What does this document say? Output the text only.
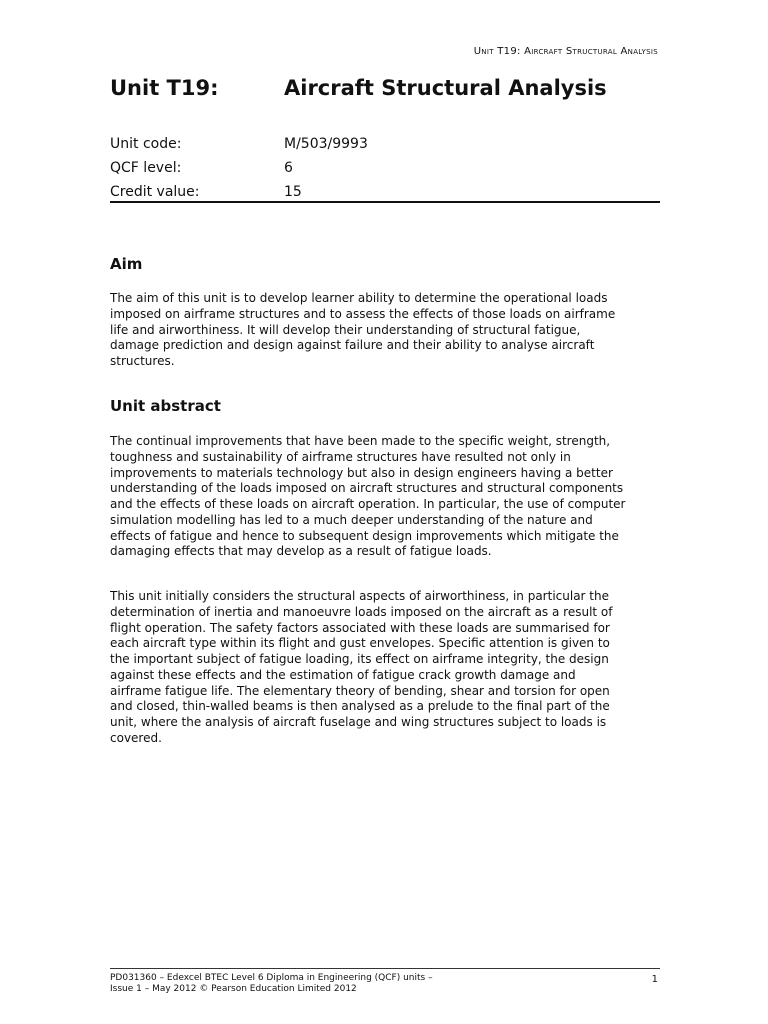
Unit T19: Aircraft Structural Analysis
Unit T19:	Aircraft Structural Analysis
Unit code:	M/503/9993
QCF level:	6
Credit value:	15
Aim
The aim of this unit is to develop learner ability to determine the operational loads imposed on airframe structures and to assess the effects of those loads on airframe life and airworthiness. It will develop their understanding of structural fatigue, damage prediction and design against failure and their ability to analyse aircraft structures.
Unit abstract
The continual improvements that have been made to the specific weight, strength, toughness and sustainability of airframe structures have resulted not only in improvements to materials technology but also in design engineers having a better understanding of the loads imposed on aircraft structures and structural components and the effects of these loads on aircraft operation. In particular, the use of computer simulation modelling has led to a much deeper understanding of the nature and effects of fatigue and hence to subsequent design improvements which mitigate the damaging effects that may develop as a result of fatigue loads.
This unit initially considers the structural aspects of airworthiness, in particular the determination of inertia and manoeuvre loads imposed on the aircraft as a result of flight operation. The safety factors associated with these loads are summarised for each aircraft type within its flight and gust envelopes. Specific attention is given to the important subject of fatigue loading, its effect on airframe integrity, the design against these effects and the estimation of fatigue crack growth damage and airframe fatigue life. The elementary theory of bending, shear and torsion for open and closed, thin-walled beams is then analysed as a prelude to the final part of the unit, where the analysis of aircraft fuselage and wing structures subject to loads is covered.
PD031360 – Edexcel BTEC Level 6 Diploma in Engineering (QCF) units –
Issue 1 – May 2012 © Pearson Education Limited 2012
1
